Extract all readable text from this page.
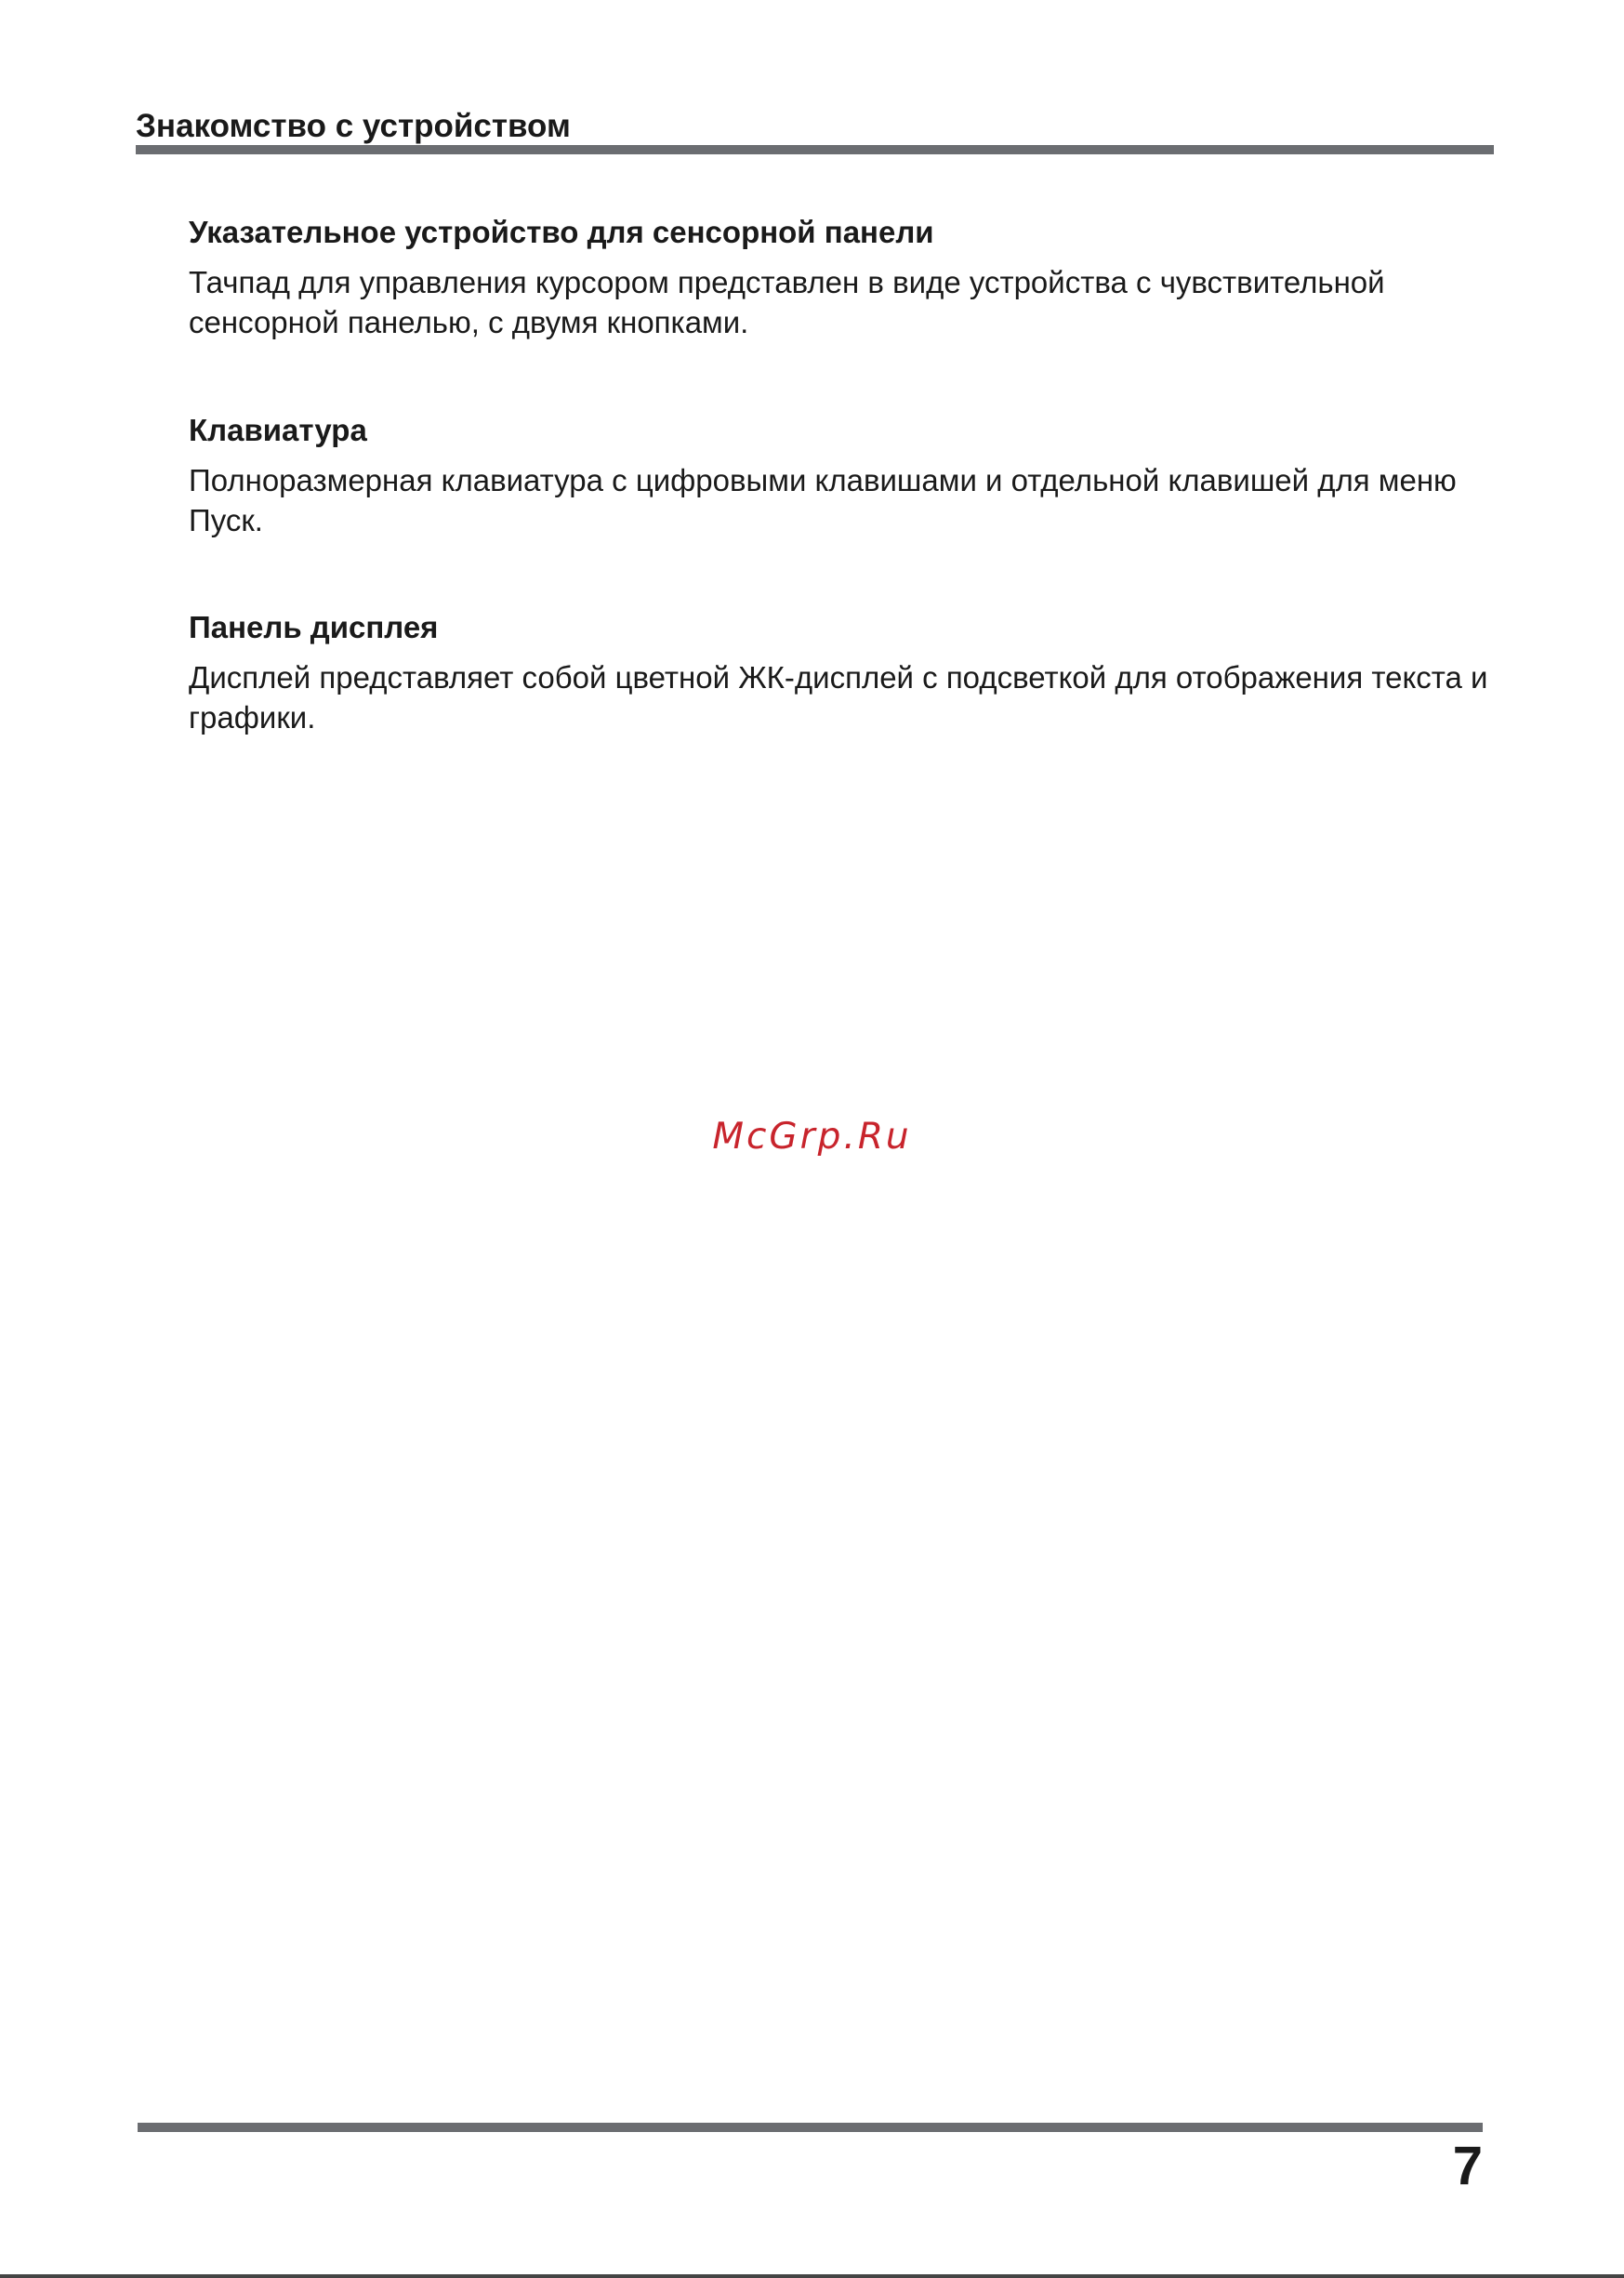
Знакомство с устройством
Указательное устройство для сенсорной панели

Тачпад для управления курсором представлен в виде устройства с чувствительной сенсорной панелью, с двумя кнопками.

Клавиатура

Полноразмерная клавиатура с цифровыми клавишами и отдельной клавишей для меню Пуск.

Панель дисплея

Дисплей представляет собой цветной ЖК-дисплей с подсветкой для отображения текста и графики.

McGrp.Ru
7
